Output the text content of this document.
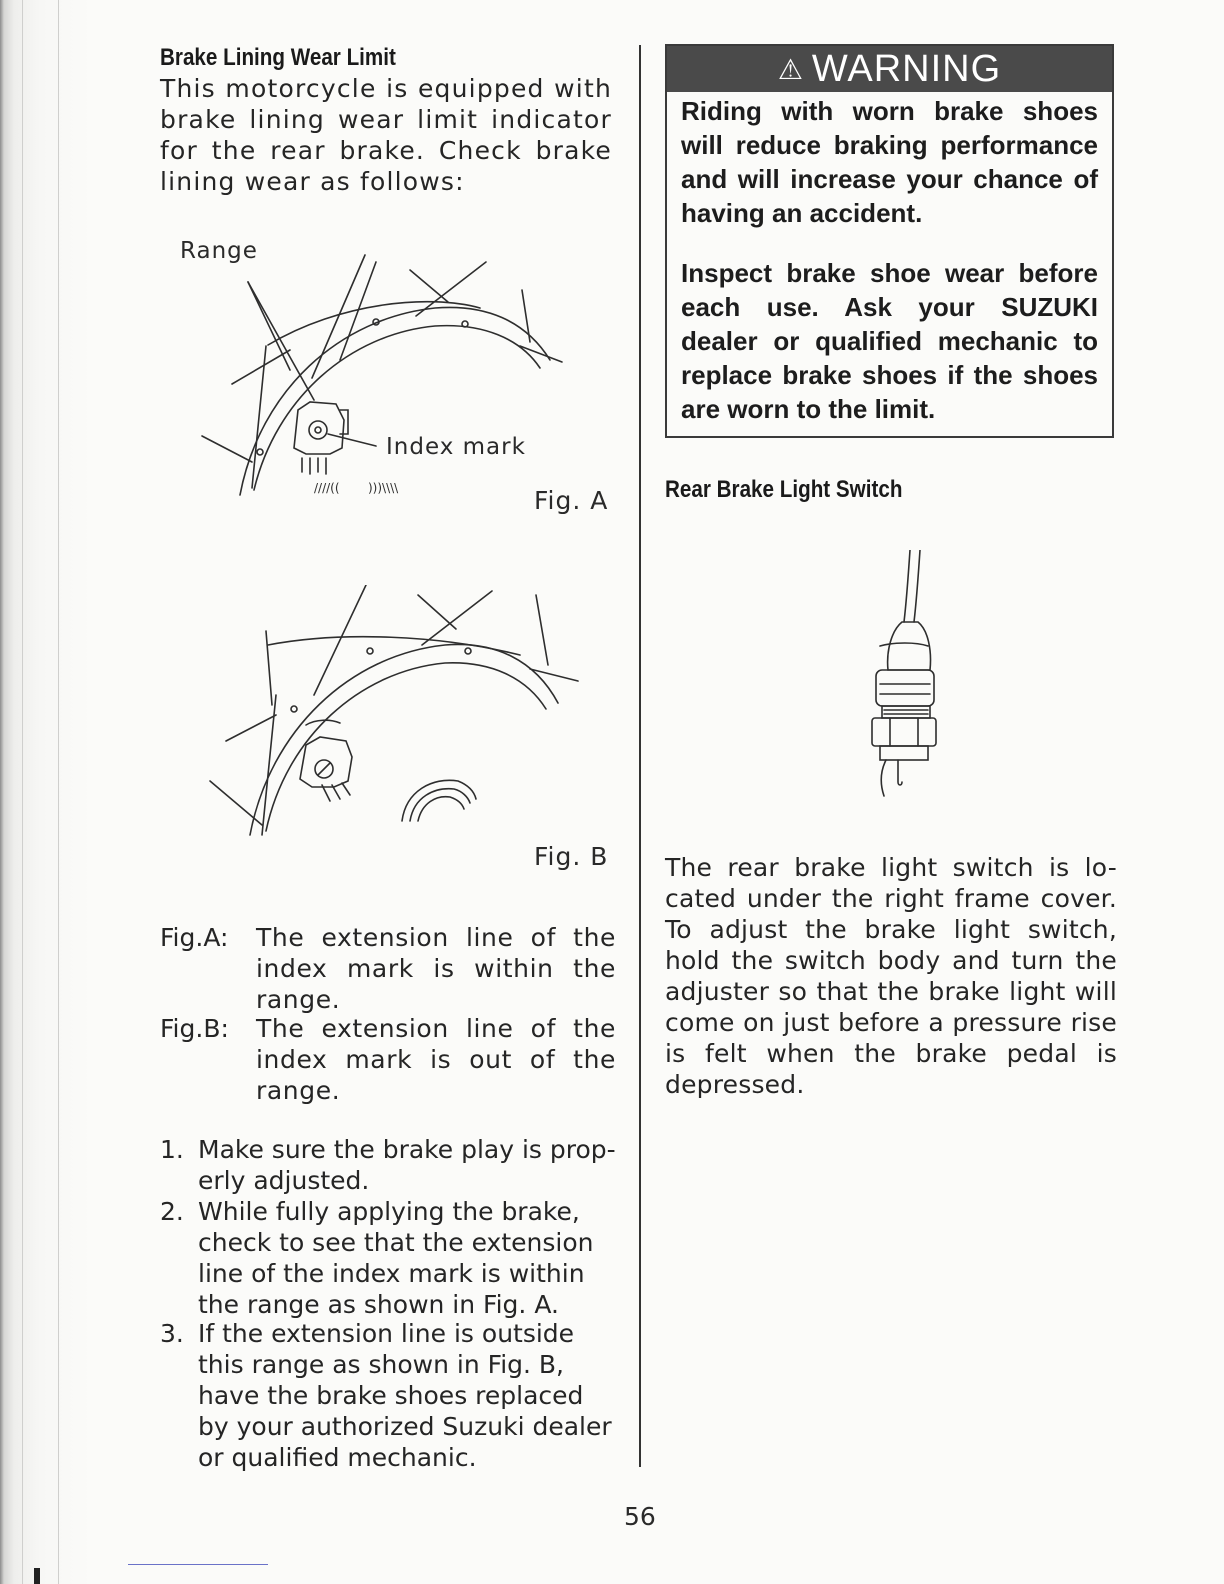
Brake Lining Wear Limit

This motorcycle is equipped with brake lining wear limit indicator for the rear brake. Check brake lining wear as follows:

////(( )))\\\\
Range
Index mark
Fig. A
Fig. B
Fig.A:	The extension line of the index mark is within the range.
Fig.B:	The extension line of the index mark is out of the range.
1. Make sure the brake play is prop-erly adjusted.
2. While fully applying the brake, check to see that the extension line of the index mark is within the range as shown in Fig. A.
3. If the extension line is outside this range as shown in Fig. B, have the brake shoes replaced by your authorized Suzuki dealer or qualified mechanic.
⚠ WARNING

Riding with worn brake shoes will reduce braking performance and will increase your chance of having an accident.

Inspect brake shoe wear before each use. Ask your SUZUKI dealer or qualified mechanic to replace brake shoes if the shoes are worn to the limit.

Rear Brake Light Switch

The rear brake light switch is lo-cated under the right frame cover. To adjust the brake light switch, hold the switch body and turn the adjuster so that the brake light will come on just before a pressure rise is felt when the brake pedal is depressed.

56
